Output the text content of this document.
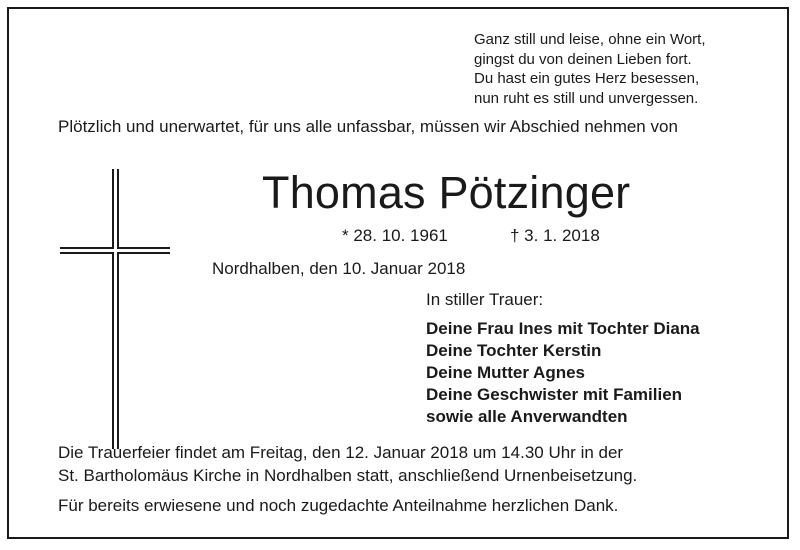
Ganz still und leise, ohne ein Wort,
gingst du von deinen Lieben fort.
Du hast ein gutes Herz besessen,
nun ruht es still und unvergessen.
Plötzlich und unerwartet, für uns alle unfassbar, müssen wir Abschied nehmen von
Thomas Pötzinger
* 28. 10. 1961	† 3. 1. 2018
Nordhalben, den 10. Januar 2018
In stiller Trauer:
Deine Frau Ines mit Tochter Diana
Deine Tochter Kerstin
Deine Mutter Agnes
Deine Geschwister mit Familien
sowie alle Anverwandten
Die Trauerfeier findet am Freitag, den 12. Januar 2018 um 14.30 Uhr in der
St. Bartholomäus Kirche in Nordhalben statt, anschließend Urnenbeisetzung.
Für bereits erwiesene und noch zugedachte Anteilnahme herzlichen Dank.
